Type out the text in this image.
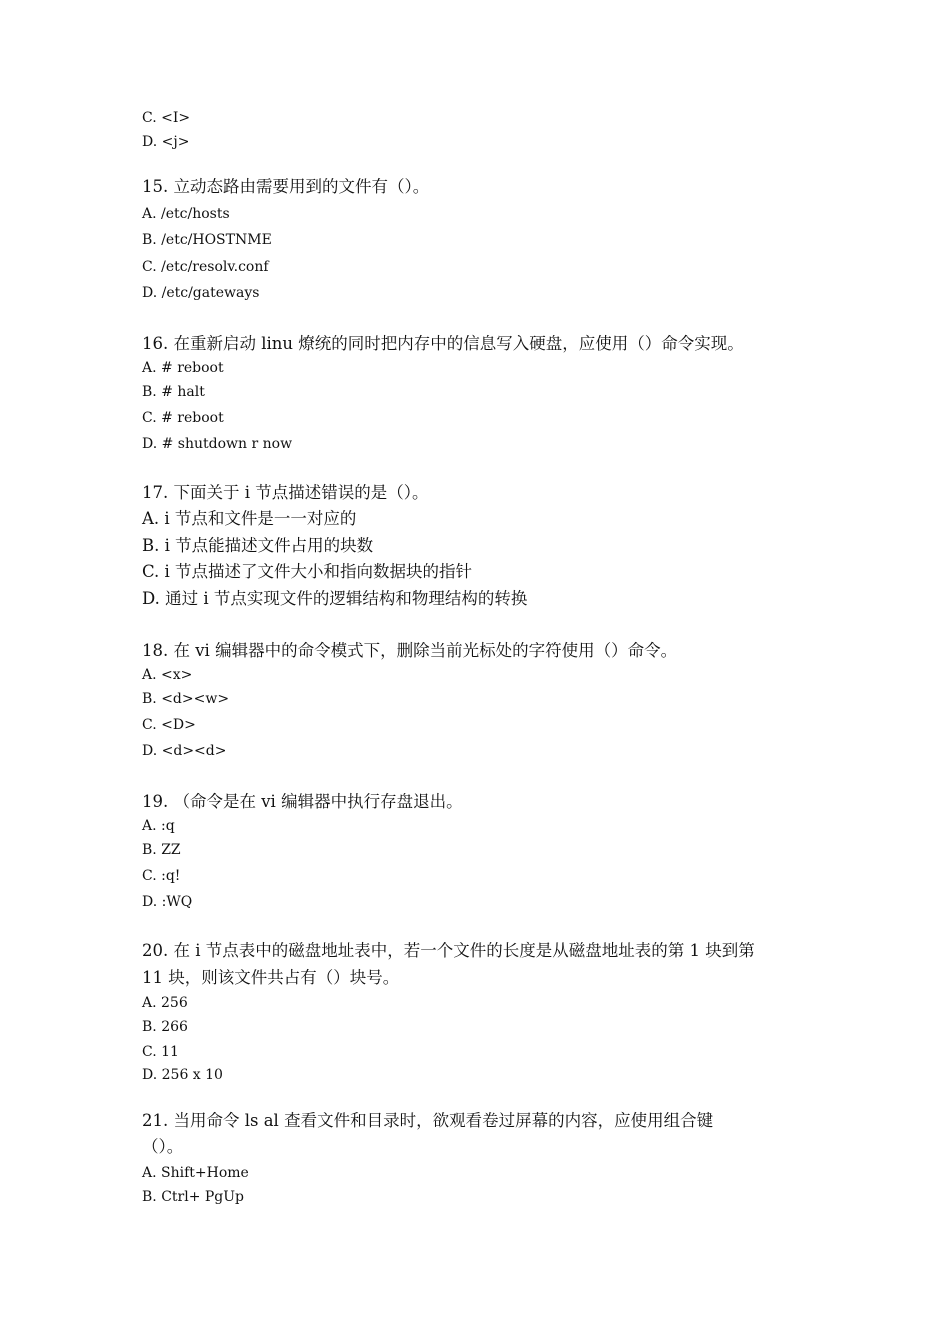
C. <I>
D. <j>
15. 立动态路由需要用到的文件有（）。
A. /etc/hosts
B. /etc/HOSTNME
C. /etc/resolv.conf
D. /etc/gateways
16. 在重新启动 linu 燎统的同时把内存中的信息写入硬盘，应使用（）命令实现。
A. # reboot
B. # halt
C. # reboot
D. # shutdown r now
17. 下面关于 i 节点描述错误的是（）。
A. i 节点和文件是一一对应的
B. i 节点能描述文件占用的块数
C. i 节点描述了文件大小和指向数据块的指针
D. 通过 i 节点实现文件的逻辑结构和物理结构的转换
18. 在 vi 编辑器中的命令模式下，删除当前光标处的字符使用（）命令。
A. <x>
B. <d><w>
C. <D>
D. <d><d>
19. （命令是在 vi 编辑器中执行存盘退出。
A. :q
B. ZZ
C. :q!
D. :WQ
20. 在 i 节点表中的磁盘地址表中，若一个文件的长度是从磁盘地址表的第 1 块到第
11 块，则该文件共占有（）块号。
A. 256
B. 266
C. 11
D. 256 x 10
21. 当用命令 ls al 查看文件和目录时，欲观看卷过屏幕的内容，应使用组合键
（）。
A. Shift+Home
B. Ctrl+ PgUp
